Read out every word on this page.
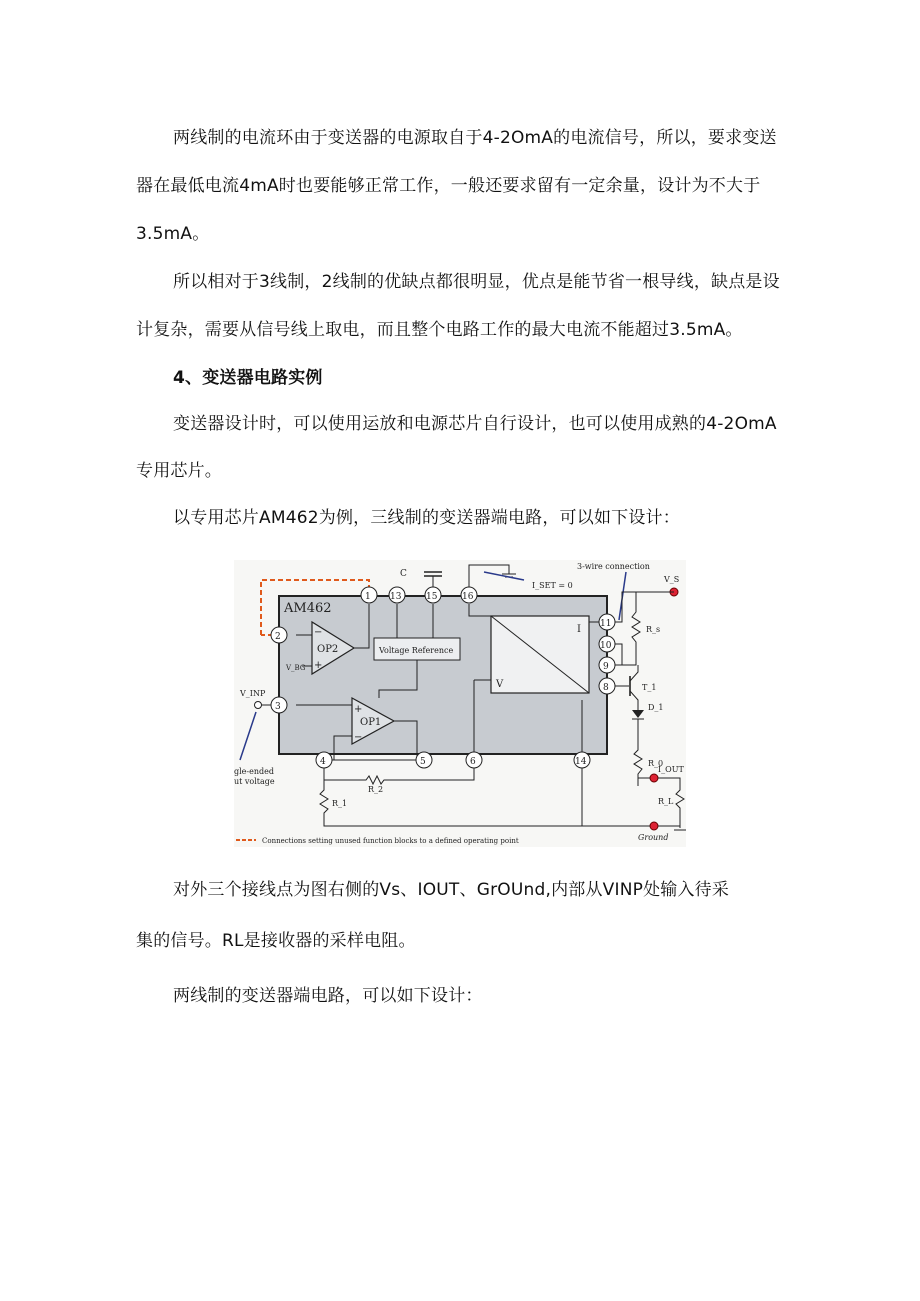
两线制的电流环由于变送器的电源取自于4-2OmA的电流信号，所以，要求变送
器在最低电流4mA时也要能够正常工作，一般还要求留有一定余量，设计为不大于
3.5mA。
所以相对于3线制，2线制的优缺点都很明显，优点是能节省一根导线，缺点是设
计复杂，需要从信号线上取电，而且整个电路工作的最大电流不能超过3.5mA。
4、变送器电路实例
变送器设计时，可以使用运放和电源芯片自行设计，也可以使用成熟的4-2OmA
专用芯片。
以专用芯片AM462为例，三线制的变送器端电路，可以如下设计：
AM462
OP2
−
+
Voltage Reference
OP1
+
−
I
V
1 13	15	16
2
3
4	5	6	14
11
10
9
8
C
I_SET = 0
3-wire connection
V_S
R_s
T_1
D_1
R_0
I_OUT
R_L
Ground
R_2
R_1
V_INP
V_BG
gle-ended
ut voltage
Connections setting unused function blocks to a defined operating point
对外三个接线点为图右侧的Vs、IOUT、GrOUnd,内部从VINP处输入待采
集的信号。RL是接收器的采样电阻。
两线制的变送器端电路，可以如下设计：
